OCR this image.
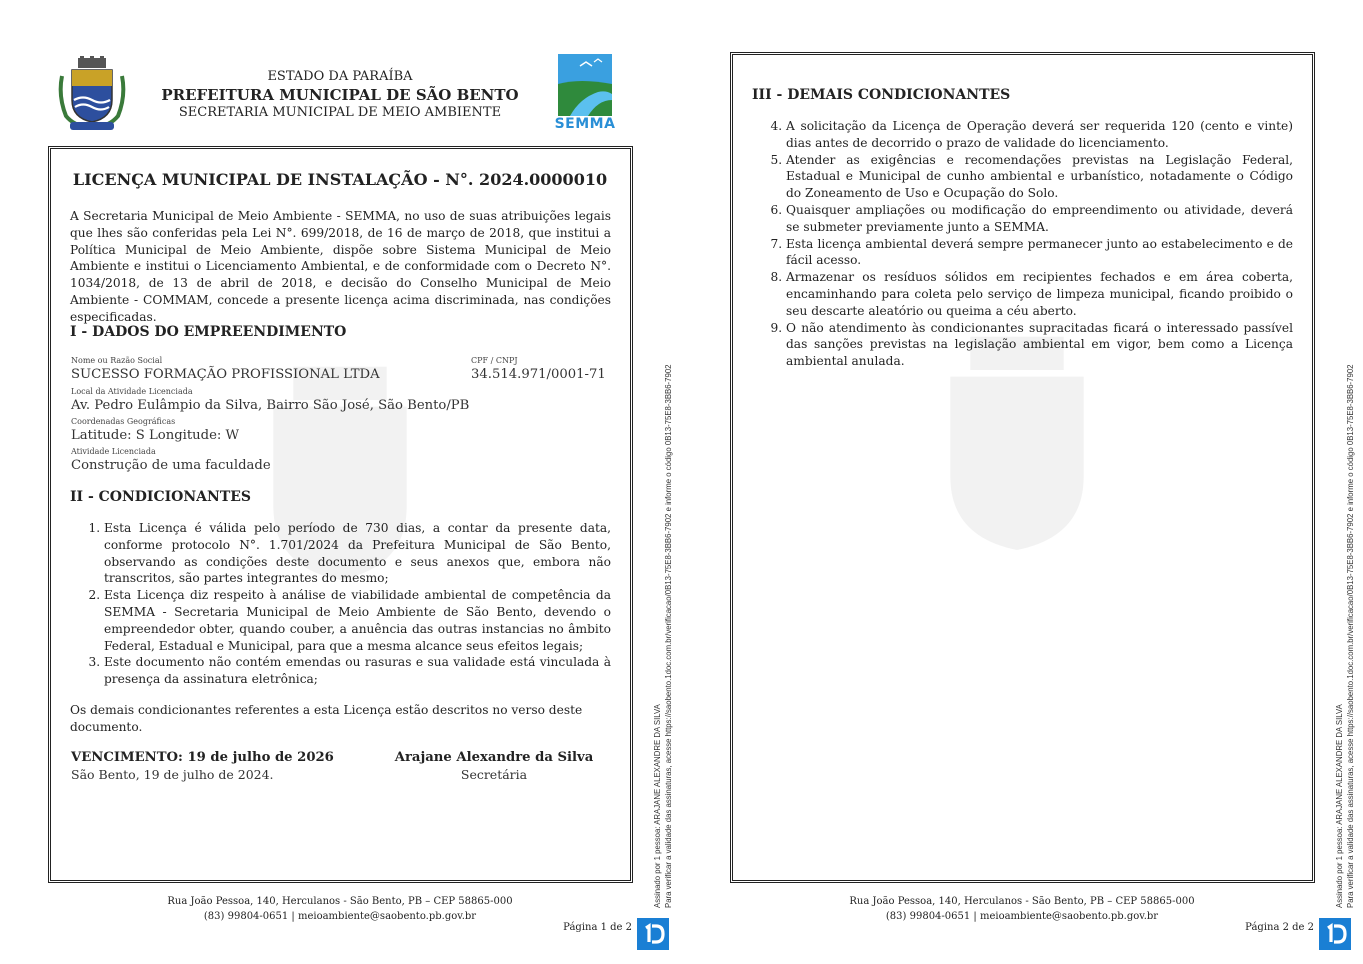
ESTADO DA PARAÍBA
PREFEITURA MUNICIPAL DE SÃO BENTO
SECRETARIA MUNICIPAL DE MEIO AMBIENTE
SEMMA
LICENÇA MUNICIPAL DE INSTALAÇÃO - N°. 2024.0000010
A Secretaria Municipal de Meio Ambiente - SEMMA, no uso de suas atribuições legais que lhes são conferidas pela Lei N°. 699/2018, de 16 de março de 2018, que institui a Política Municipal de Meio Ambiente, dispõe sobre Sistema Municipal de Meio Ambiente e institui o Licenciamento Ambiental, e de conformidade com o Decreto N°. 1034/2018, de 13 de abril de 2018, e decisão do Conselho Municipal de Meio Ambiente - COMMAM, concede a presente licença acima discriminada, nas condições especificadas.
I - DADOS DO EMPREENDIMENTO
Nome ou Razão Social
SUCESSO FORMAÇÃO PROFISSIONAL LTDA
CPF / CNPJ
34.514.971/0001-71
Local da Atividade Licenciada
Av. Pedro Eulâmpio da Silva, Bairro São José, São Bento/PB
Coordenadas Geográficas
Latitude: S Longitude: W
Atividade Licenciada
Construção de uma faculdade
II - CONDICIONANTES
1. Esta Licença é válida pelo período de 730 dias, a contar da presente data, conforme protocolo N°. 1.701/2024 da Prefeitura Municipal de São Bento, observando as condições deste documento e seus anexos que, embora não transcritos, são partes integrantes do mesmo;
2. Esta Licença diz respeito à análise de viabilidade ambiental de competência da SEMMA - Secretaria Municipal de Meio Ambiente de São Bento, devendo o empreendedor obter, quando couber, a anuência das outras instancias no âmbito Federal, Estadual e Municipal, para que a mesma alcance seus efeitos legais;
3. Este documento não contém emendas ou rasuras e sua validade está vinculada à presença da assinatura eletrônica;
Os demais condicionantes referentes a esta Licença estão descritos no verso deste documento.
VENCIMENTO: 19 de julho de 2026
São Bento, 19 de julho de 2024.
Arajane Alexandre da Silva
Secretária
Rua João Pessoa, 140, Herculanos - São Bento, PB – CEP 58865-000
(83) 99804-0651 | meioambiente@saobento.pb.gov.br
Página 1 de 2
Assinado por 1 pessoa: ARAJANE ALEXANDRE DA SILVA Para verificar a validade das assinaturas, acesse https://saobento.1doc.com.br/verificacao/0B13-75E8-3BB6-7902 e informe o código 0B13-75E8-3BB6-7902
III - DEMAIS CONDICIONANTES
4. A solicitação da Licença de Operação deverá ser requerida 120 (cento e vinte) dias antes de decorrido o prazo de validade do licenciamento.
5. Atender as exigências e recomendações previstas na Legislação Federal, Estadual e Municipal de cunho ambiental e urbanístico, notadamente o Código do Zoneamento de Uso e Ocupação do Solo.
6. Quaisquer ampliações ou modificação do empreendimento ou atividade, deverá se submeter previamente junto a SEMMA.
7. Esta licença ambiental deverá sempre permanecer junto ao estabelecimento e de fácil acesso.
8. Armazenar os resíduos sólidos em recipientes fechados e em área coberta, encaminhando para coleta pelo serviço de limpeza municipal, ficando proibido o seu descarte aleatório ou queima a céu aberto.
9. O não atendimento às condicionantes supracitadas ficará o interessado passível das sanções previstas na legislação ambiental em vigor, bem como a Licença ambiental anulada.
Rua João Pessoa, 140, Herculanos - São Bento, PB – CEP 58865-000
(83) 99804-0651 | meioambiente@saobento.pb.gov.br
Página 2 de 2
Assinado por 1 pessoa: ARAJANE ALEXANDRE DA SILVA Para verificar a validade das assinaturas, acesse https://saobento.1doc.com.br/verificacao/0B13-75E8-3BB6-7902 e informe o código 0B13-75E8-3BB6-7902
